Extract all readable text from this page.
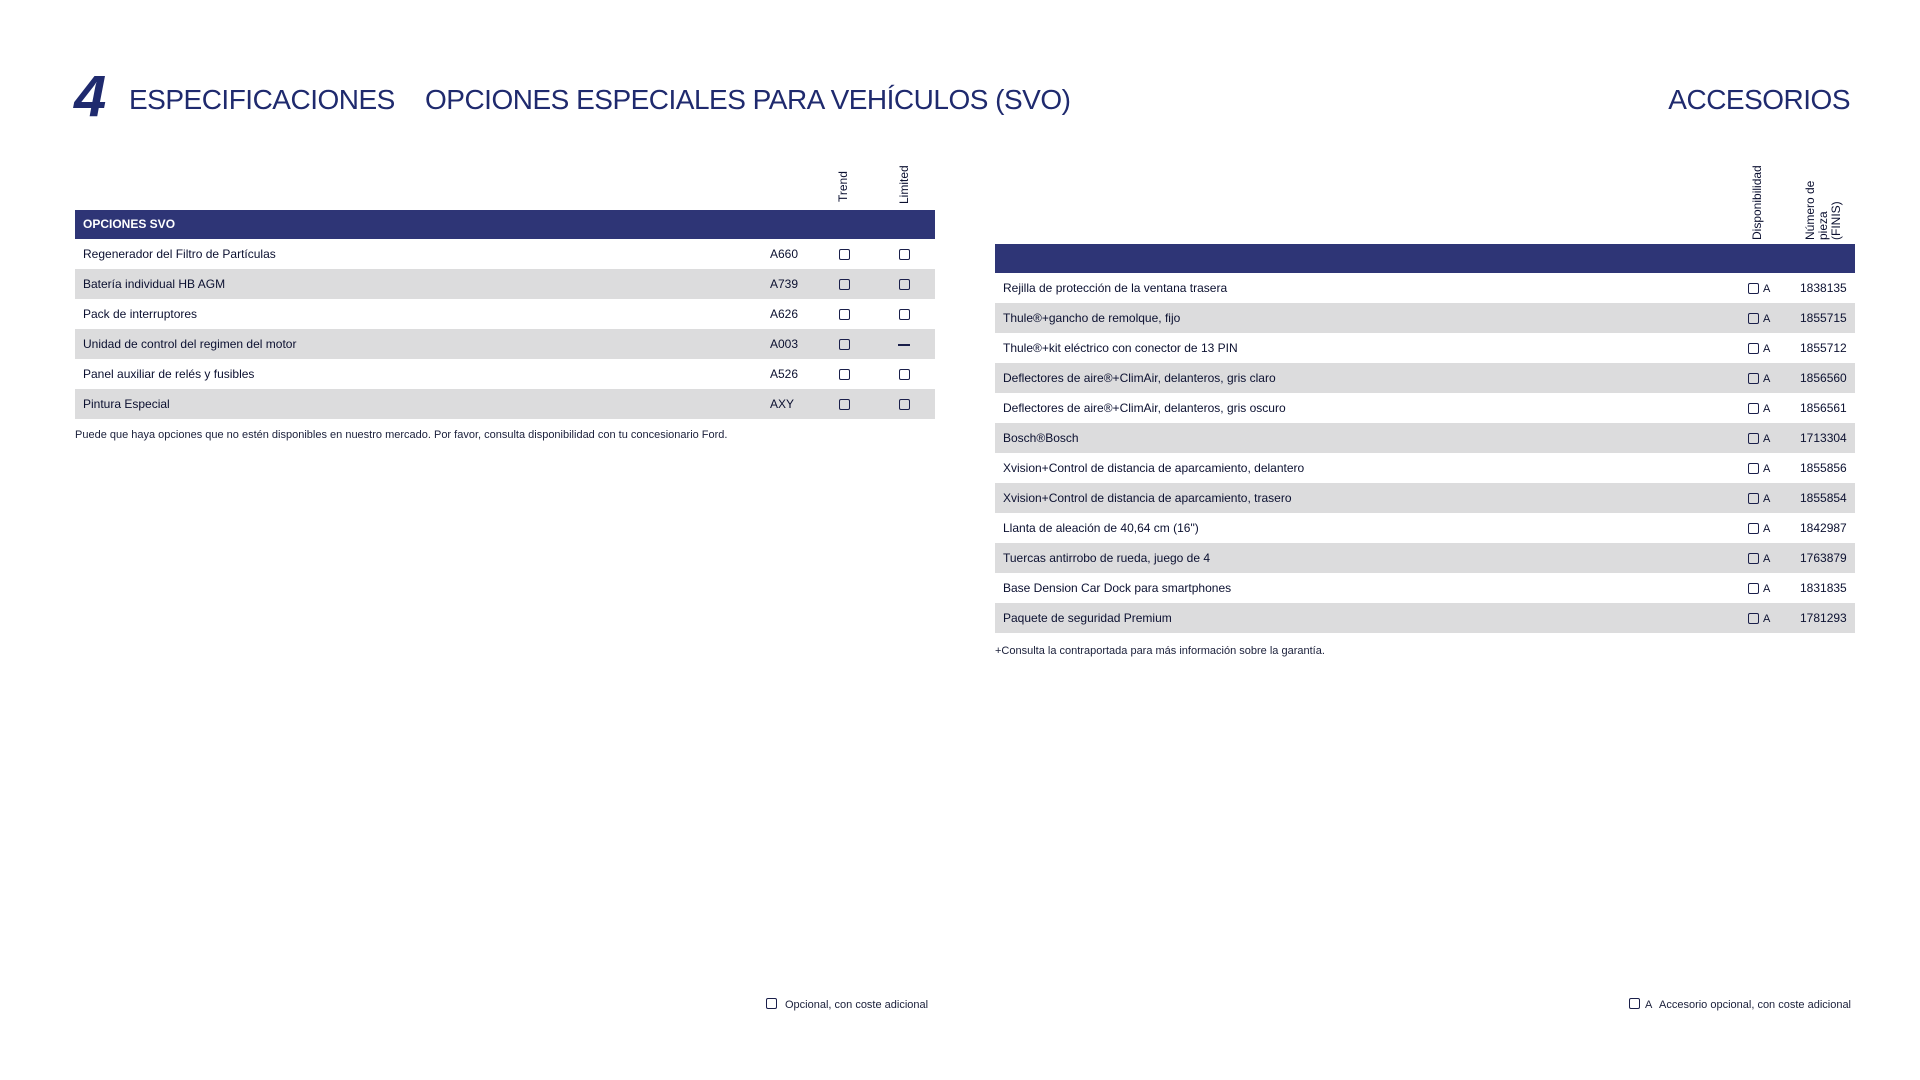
4 ESPECIFICACIONES OPCIONES ESPECIALES PARA VEHÍCULOS (SVO)	ACCESORIOS
Trend	Limited
OPCIONES SVO
Regenerador del Filtro de Partículas	A660
Batería individual HB AGM	A739
Pack de interruptores	A626
Unidad de control del regimen del motor	A003
Panel auxiliar de relés y fusibles	A526
Pintura Especial	AXY
Puede que haya opciones que no estén disponibles en nuestro mercado. Por favor, consulta disponibilidad con tu concesionario Ford.
Disponibilidad	Número de pieza (FINIS)
Rejilla de protección de la ventana trasera	A 1838135
Thule®+gancho de remolque, fijo	A 1855715
Thule®+kit eléctrico con conector de 13 PIN	A 1855712
Deflectores de aire®+ClimAir, delanteros, gris claro	A 1856560
Deflectores de aire®+ClimAir, delanteros, gris oscuro	A 1856561
Bosch®Bosch	A 1713304
Xvision+Control de distancia de aparcamiento, delantero	A 1855856
Xvision+Control de distancia de aparcamiento, trasero	A 1855854
Llanta de aleación de 40,64 cm (16")	A 1842987
Tuercas antirrobo de rueda, juego de 4	A 1763879
Base Dension Car Dock para smartphones	A 1831835
Paquete de seguridad Premium	A 1781293
+Consulta la contraportada para más información sobre la garantía.
Opcional, con coste adicional	A Accesorio opcional, con coste adicional
